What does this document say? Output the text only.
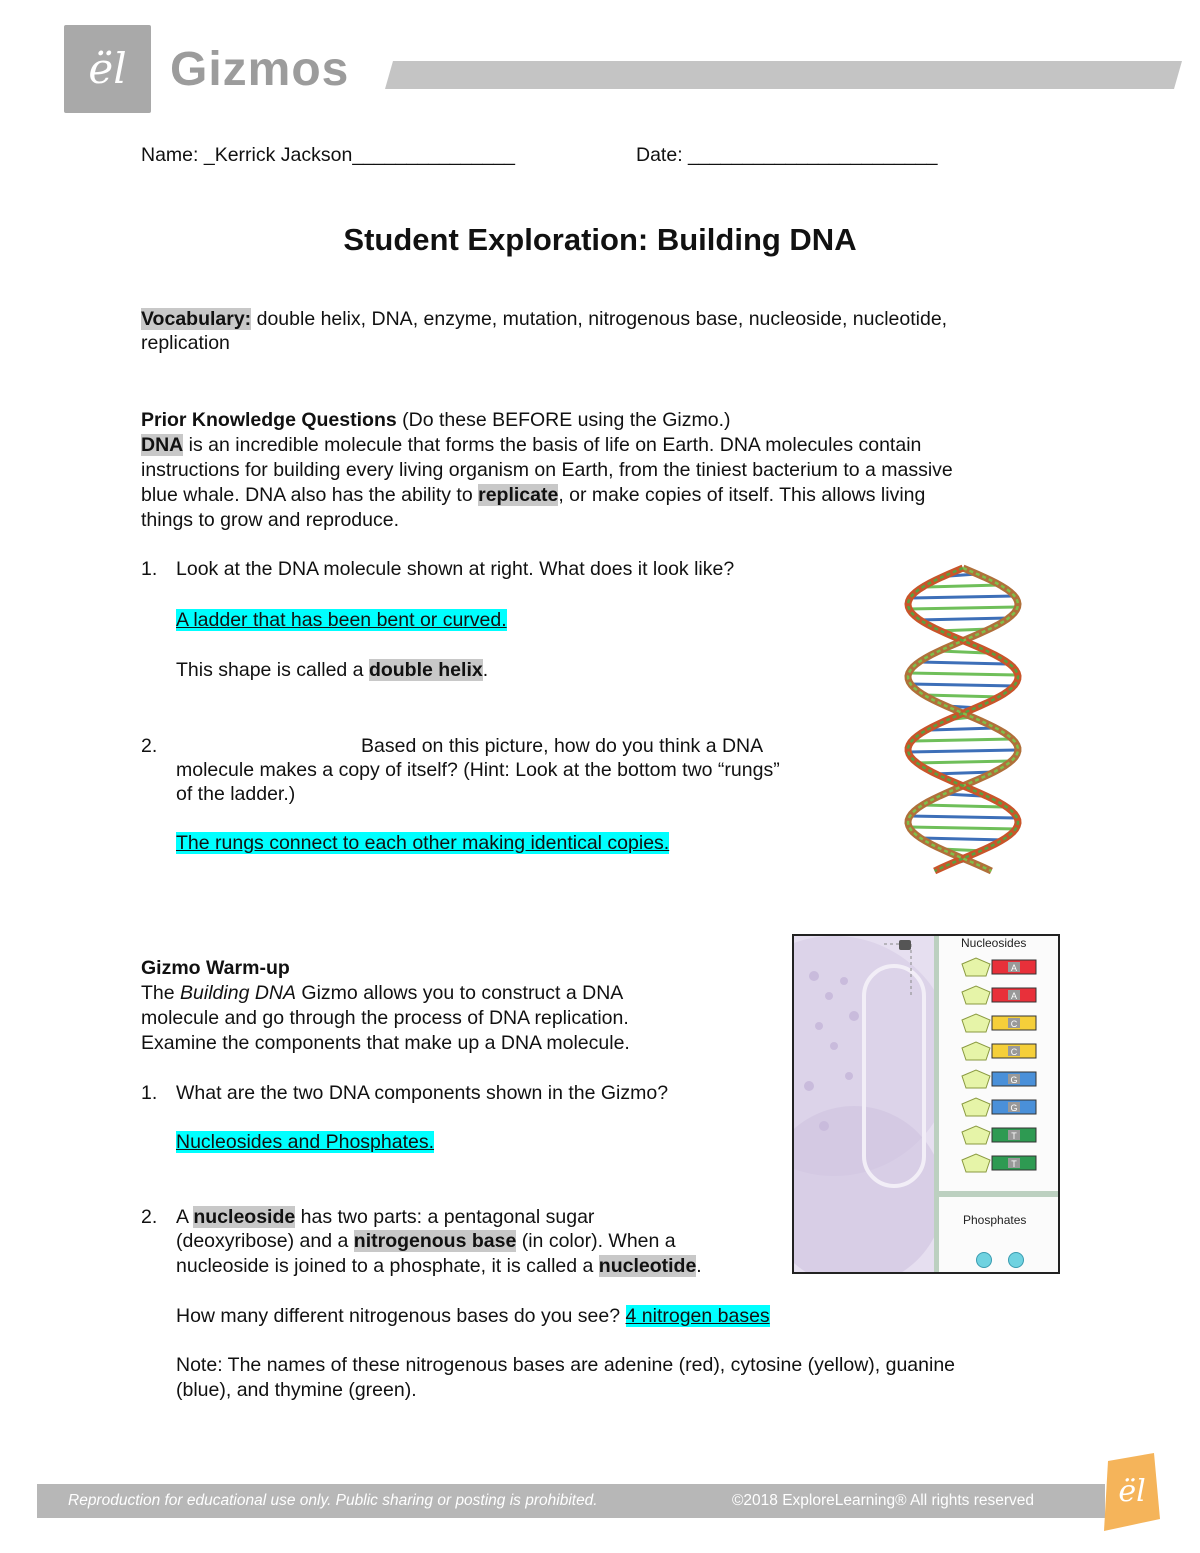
ël Gizmos
Name: _Kerrick Jackson_______________	Date: _______________________
Student Exploration: Building DNA
Vocabulary: double helix, DNA, enzyme, mutation, nitrogenous base, nucleoside, nucleotide,
replication
Prior Knowledge Questions (Do these BEFORE using the Gizmo.)
DNA is an incredible molecule that forms the basis of life on Earth. DNA molecules contain
instructions for building every living organism on Earth, from the tiniest bacterium to a massive
blue whale. DNA also has the ability to replicate, or make copies of itself. This allows living
things to grow and reproduce.
1. Look at the DNA molecule shown at right. What does it look like?
A ladder that has been bent or curved.
This shape is called a double helix.
2.	Based on this picture, how do you think a DNA
molecule makes a copy of itself? (Hint: Look at the bottom two “rungs”
of the ladder.)
The rungs connect to each other making identical copies.
Gizmo Warm-up
The Building DNA Gizmo allows you to construct a DNA
molecule and go through the process of DNA replication.
Examine the components that make up a DNA molecule.
1. What are the two DNA components shown in the Gizmo?
Nucleosides and Phosphates.
2. A nucleoside has two parts: a pentagonal sugar
(deoxyribose) and a nitrogenous base (in color). When a
nucleoside is joined to a phosphate, it is called a nucleotide.
How many different nitrogenous bases do you see? 4 nitrogen bases
Note: The names of these nitrogenous bases are adenine (red), cytosine (yellow), guanine
(blue), and thymine (green).
A
A
C
C
G
G
T
T
Nucleosides
Phosphates
Reproduction for educational use only. Public sharing or posting is prohibited.	©2018 ExploreLearning® All rights reserved	ël
